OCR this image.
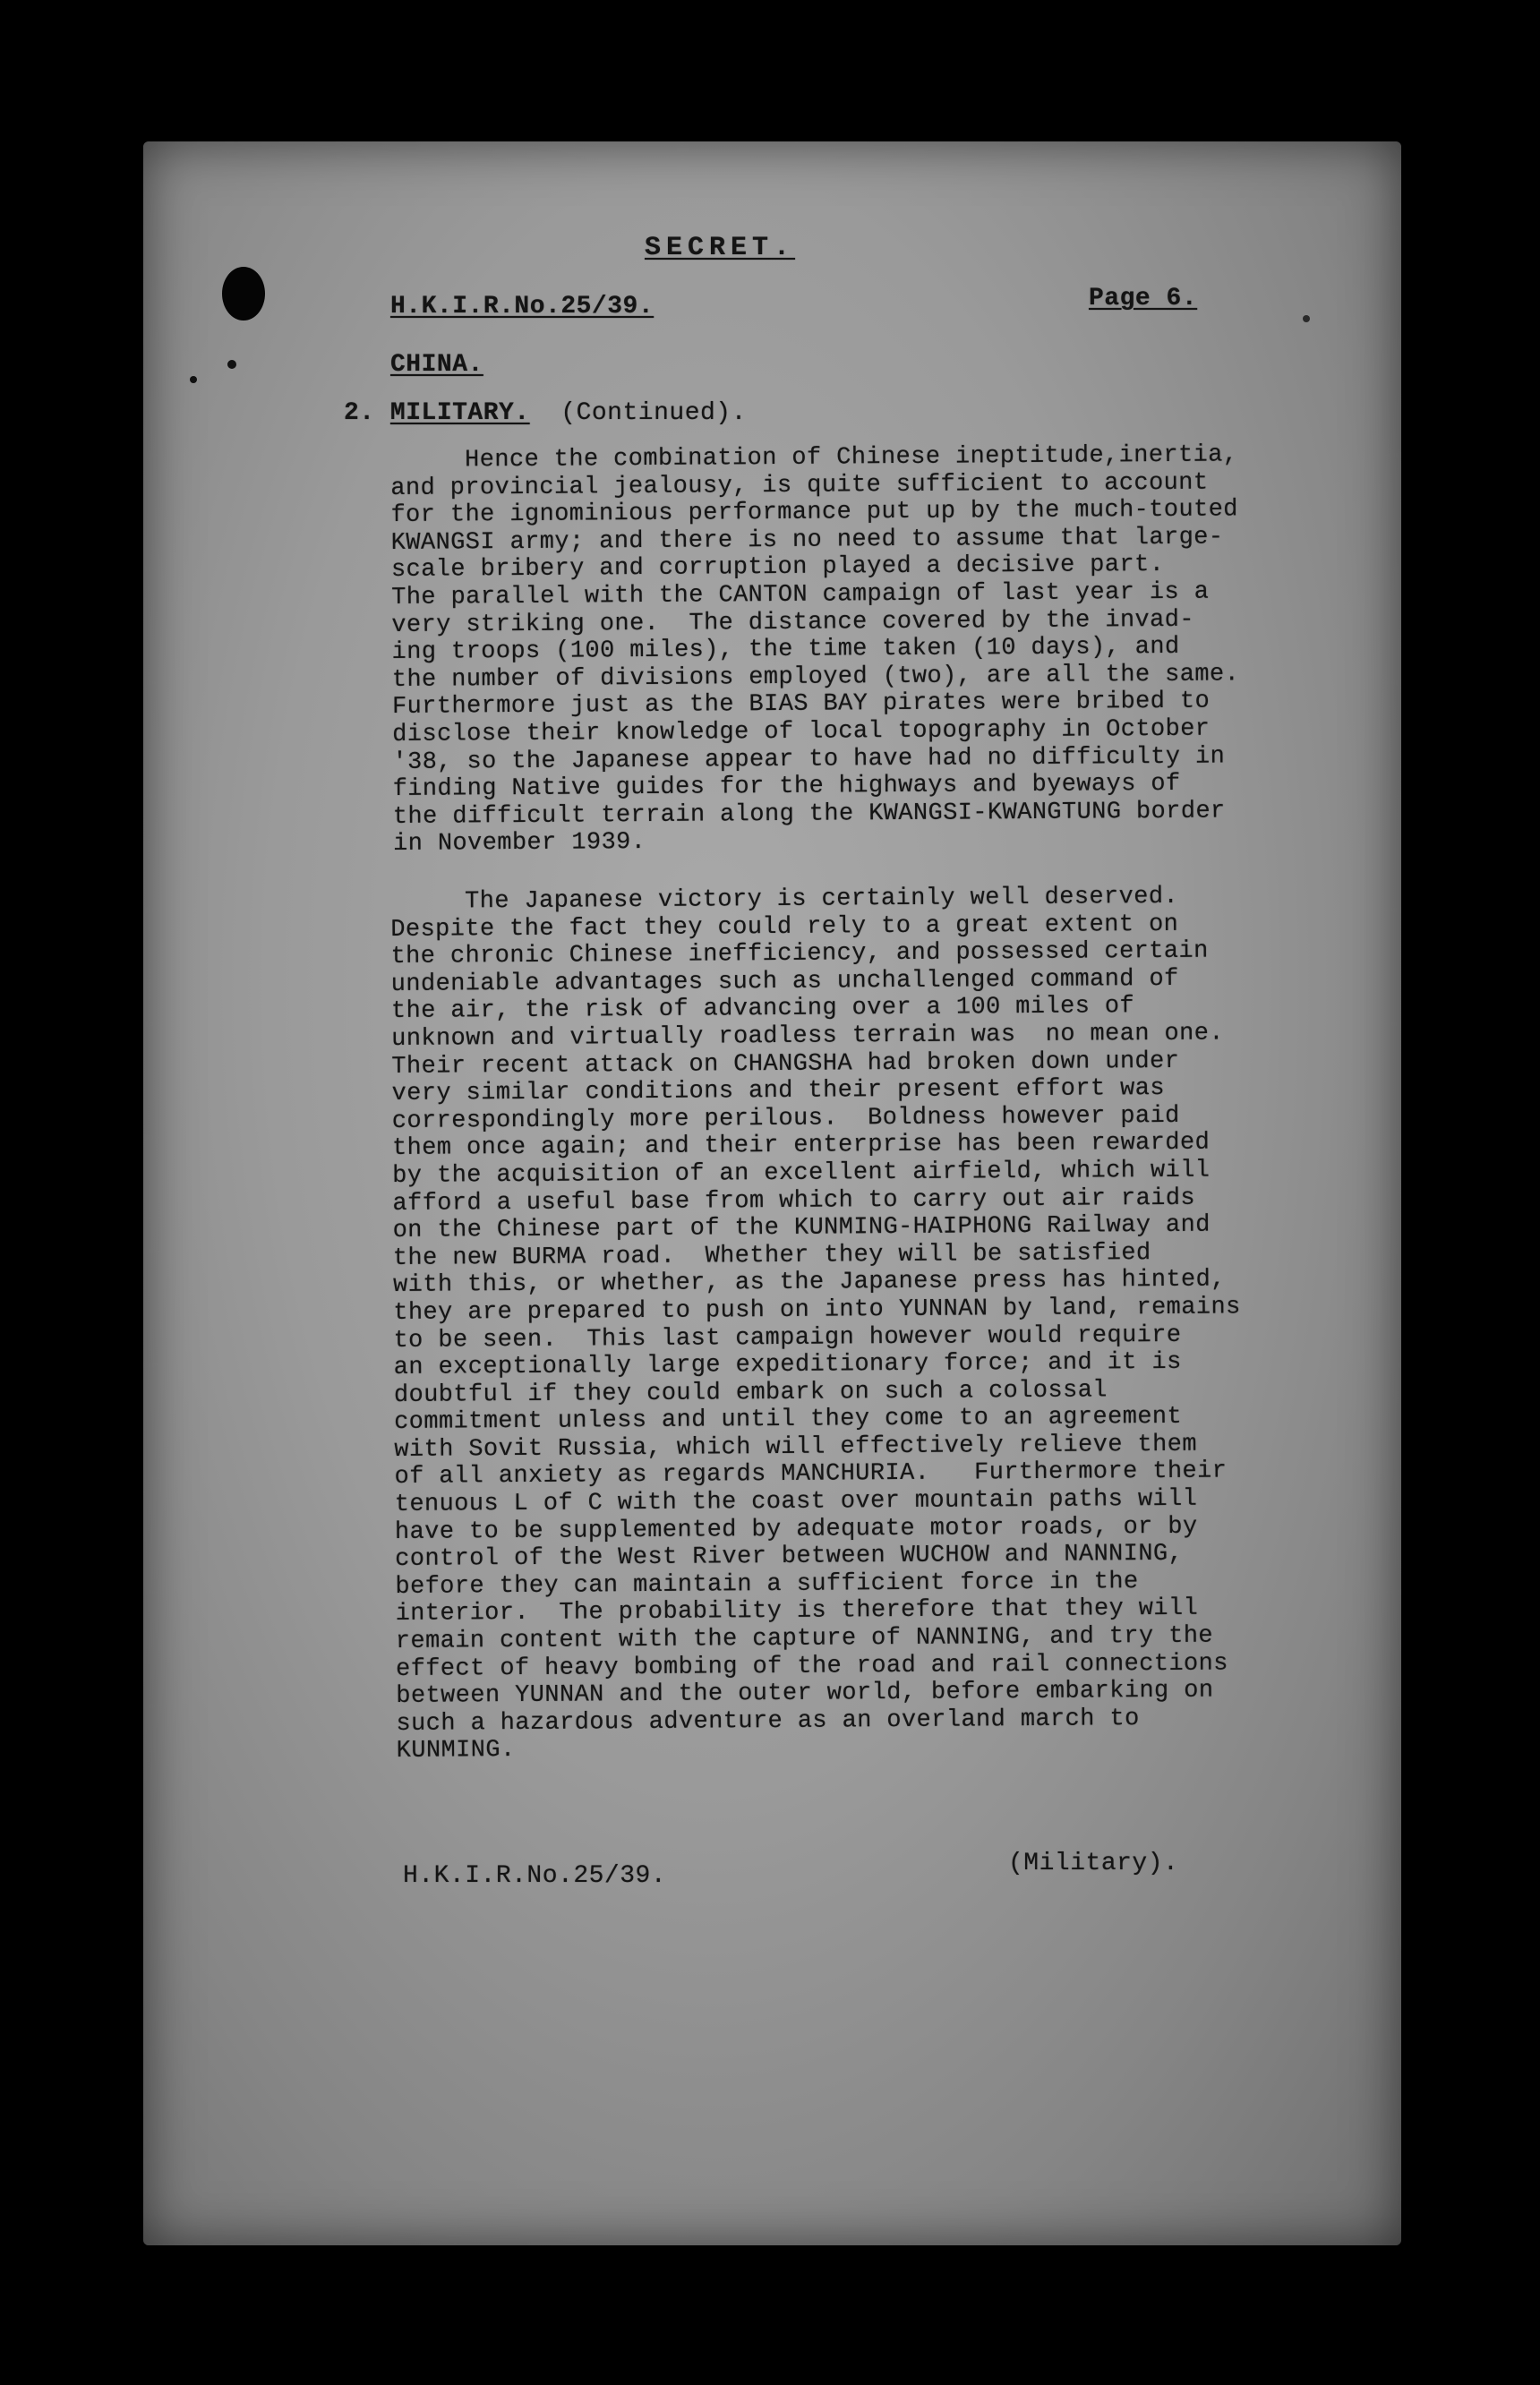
SECRET.
H.K.I.R.No.25/39.	Page 6.
CHINA.
2. MILITARY. (Continued).
Hence the combination of Chinese ineptitude,inertia,
and provincial jealousy, is quite sufficient to account
for the ignominious performance put up by the much-touted
KWANGSI army; and there is no need to assume that large-
scale bribery and corruption played a decisive part.
The parallel with the CANTON campaign of last year is a
very striking one.  The distance covered by the invad-
ing troops (100 miles), the time taken (10 days), and
the number of divisions employed (two), are all the same.
Furthermore just as the BIAS BAY pirates were bribed to
disclose their knowledge of local topography in October
'38, so the Japanese appear to have had no difficulty in
finding Native guides for the highways and byeways of
the difficult terrain along the KWANGSI-KWANGTUNG border
in November 1939.
The Japanese victory is certainly well deserved.
Despite the fact they could rely to a great extent on
the chronic Chinese inefficiency, and possessed certain
undeniable advantages such as unchallenged command of
the air, the risk of advancing over a 100 miles of
unknown and virtually roadless terrain was  no mean one.
Their recent attack on CHANGSHA had broken down under
very similar conditions and their present effort was
correspondingly more perilous.  Boldness however paid
them once again; and their enterprise has been rewarded
by the acquisition of an excellent airfield, which will
afford a useful base from which to carry out air raids
on the Chinese part of the KUNMING-HAIPHONG Railway and
the new BURMA road.  Whether they will be satisfied
with this, or whether, as the Japanese press has hinted,
they are prepared to push on into YUNNAN by land, remains
to be seen.  This last campaign however would require
an exceptionally large expeditionary force; and it is
doubtful if they could embark on such a colossal
commitment unless and until they come to an agreement
with Sovit Russia, which will effectively relieve them
of all anxiety as regards MANCHURIA.   Furthermore their
tenuous L of C with the coast over mountain paths will
have to be supplemented by adequate motor roads, or by
control of the West River between WUCHOW and NANNING,
before they can maintain a sufficient force in the
interior.  The probability is therefore that they will
remain content with the capture of NANNING, and try the
effect of heavy bombing of the road and rail connections
between YUNNAN and the outer world, before embarking on
such a hazardous adventure as an overland march to
KUNMING.
H.K.I.R.No.25/39.	(Military).
